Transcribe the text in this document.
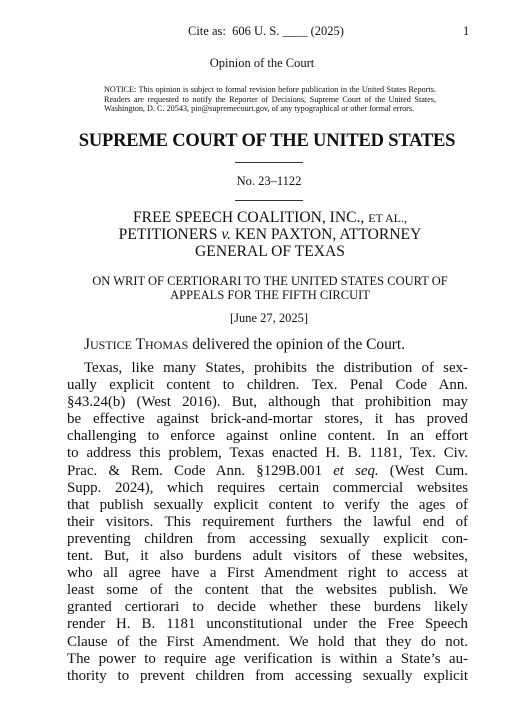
Cite as:  606 U. S. ____ (2025)	1
Opinion of the Court
NOTICE: This opinion is subject to formal revision before publication in the United States Reports. Readers are requested to notify the Reporter of Decisions, Supreme Court of the United States, Washington, D. C. 20543, pio@supremecourt.gov, of any typographical or other formal errors.
SUPREME COURT OF THE UNITED STATES
No. 23–1122
FREE SPEECH COALITION, INC., ET AL.,
PETITIONERS v. KEN PAXTON, ATTORNEY
GENERAL OF TEXAS
ON WRIT OF CERTIORARI TO THE UNITED STATES COURT OF
APPEALS FOR THE FIFTH CIRCUIT
[June 27, 2025]
JUSTICE THOMAS delivered the opinion of the Court.
Texas, like many States, prohibits the distribution of sex-
ually explicit content to children. Tex. Penal Code Ann.
§43.24(b) (West 2016). But, although that prohibition may
be effective against brick-and-mortar stores, it has proved
challenging to enforce against online content. In an effort
to address this problem, Texas enacted H. B. 1181, Tex. Civ.
Prac. & Rem. Code Ann. §129B.001 et seq. (West Cum.
Supp. 2024), which requires certain commercial websites
that publish sexually explicit content to verify the ages of
their visitors. This requirement furthers the lawful end of
preventing children from accessing sexually explicit con-
tent. But, it also burdens adult visitors of these websites,
who all agree have a First Amendment right to access at
least some of the content that the websites publish. We
granted certiorari to decide whether these burdens likely
render H. B. 1181 unconstitutional under the Free Speech
Clause of the First Amendment. We hold that they do not.
The power to require age verification is within a State’s au-
thority to prevent children from accessing sexually explicit
